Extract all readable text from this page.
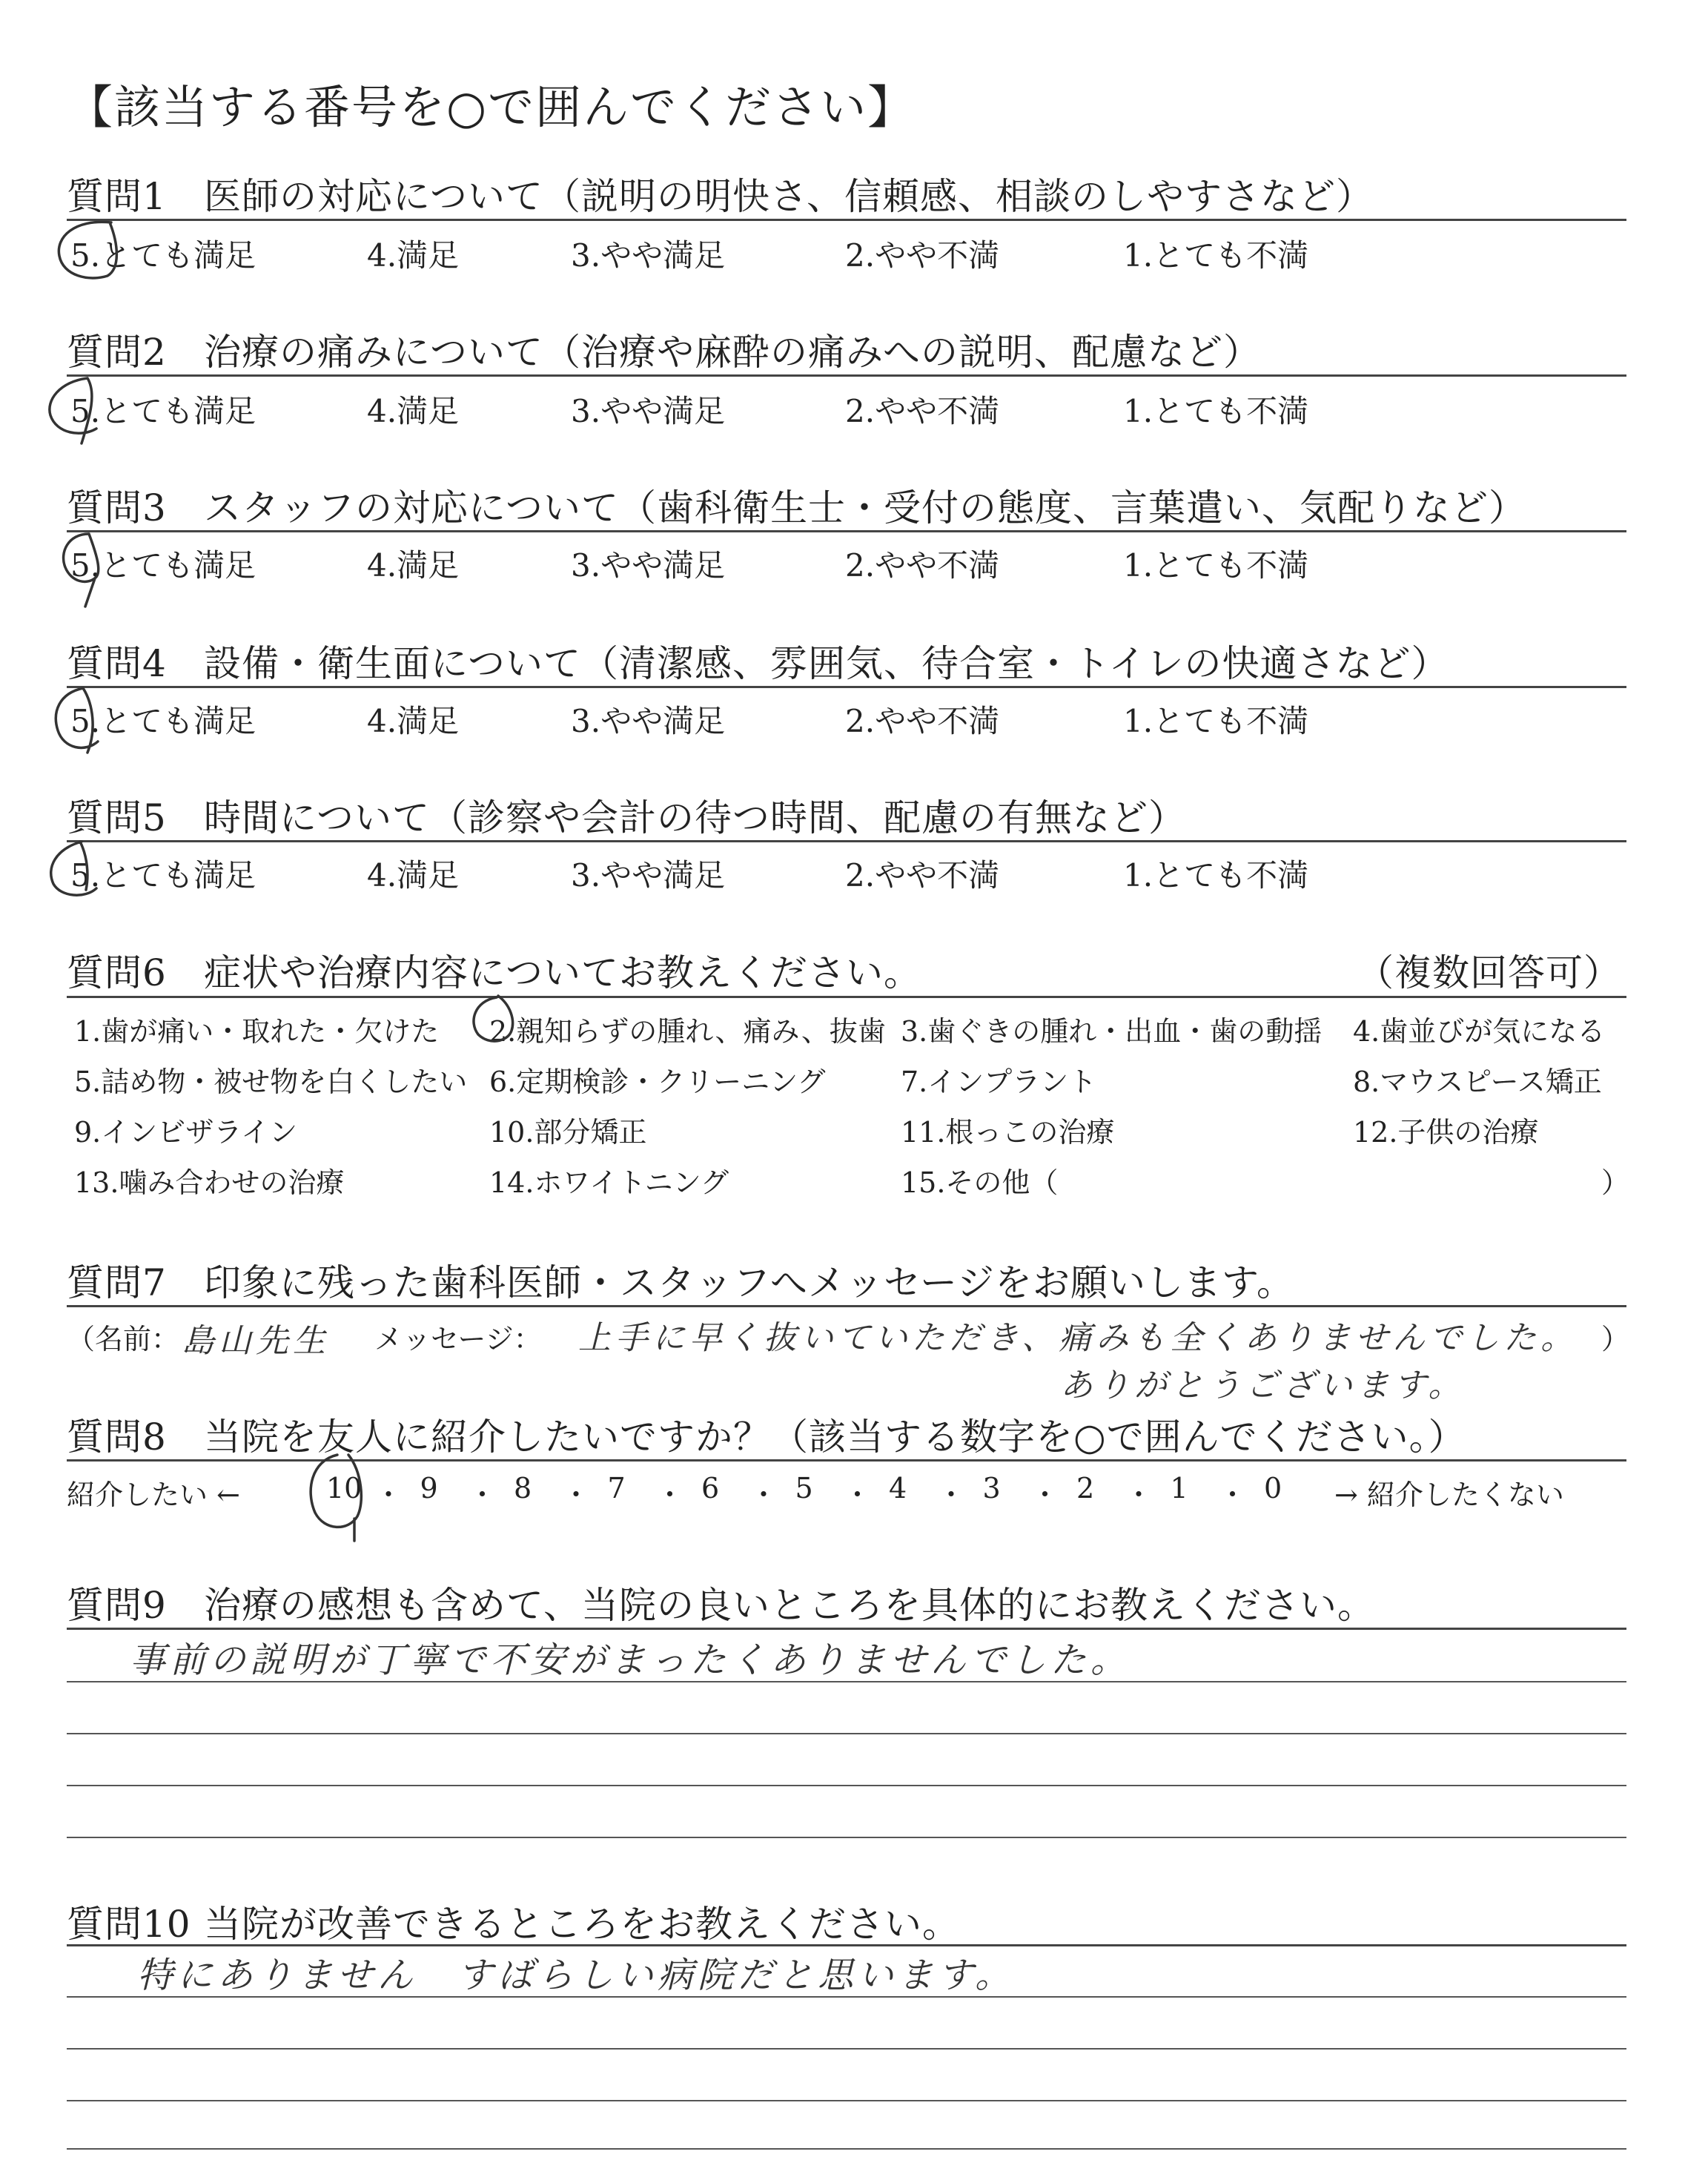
【該当する番号を○で囲んでください】
質問1 医師の対応について（説明の明快さ、信頼感、相談のしやすさなど）
5.とても満足	4.満足	3.やや満足	2.やや不満	1.とても不満
質問2 治療の痛みについて（治療や麻酔の痛みへの説明、配慮など）
5.とても満足	4.満足	3.やや満足	2.やや不満	1.とても不満
質問3 スタッフの対応について（歯科衛生士・受付の態度、言葉遣い、気配りなど）
5.とても満足	4.満足	3.やや満足	2.やや不満	1.とても不満
質問4 設備・衛生面について（清潔感、雰囲気、待合室・トイレの快適さなど）
5.とても満足	4.満足	3.やや満足	2.やや不満	1.とても不満
質問5 時間について（診察や会計の待つ時間、配慮の有無など）
5.とても満足	4.満足	3.やや満足	2.やや不満	1.とても不満
質問6 症状や治療内容についてお教えください。	（複数回答可）
1.歯が痛い・取れた・欠けた 2.親知らずの腫れ、痛み、抜歯 3.歯ぐきの腫れ・出血・歯の動揺 4.歯並びが気になる
5.詰め物・被せ物を白くしたい 6.定期検診・クリーニング	7.インプラント	8.マウスピース矯正
9.インビザライン	10.部分矯正	11.根っこの治療	12.子供の治療
13.噛み合わせの治療	14.ホワイトニング	15.その他（	）
質問7 印象に残った歯科医師・スタッフへメッセージをお願いします。
（名前： 島山先生 メッセージ： 上手に早く抜いていただき、痛みも全くありませんでした。
ありがとうございます。
）
質問8 当院を友人に紹介したいですか？（該当する数字を○で囲んでください。）
紹介したい ←	10 ・ 9 ・ 8 ・ 7 ・ 6 ・ 5 ・ 4 ・ 3 ・ 2 ・ 1 ・ 0 → 紹介したくない
質問9 治療の感想も含めて、当院の良いところを具体的にお教えください。
事前の説明が丁寧で不安がまったくありませんでした。
質問10 当院が改善できるところをお教えください。
特にありません　すばらしい病院だと思います。
